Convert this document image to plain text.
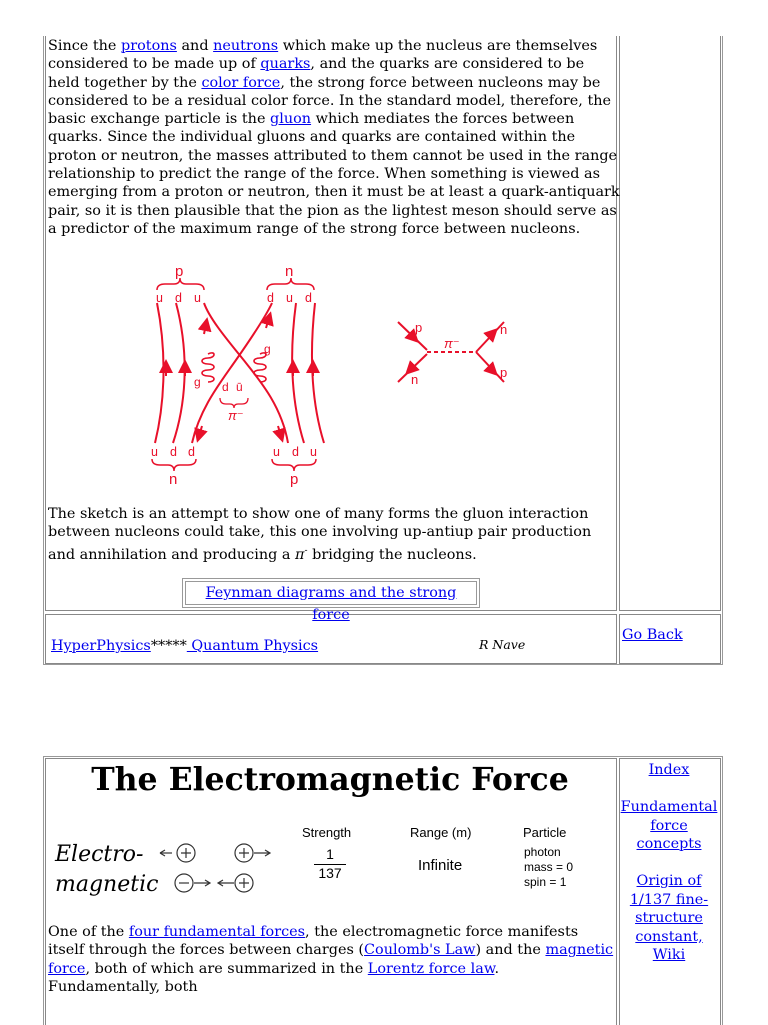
Since the protons and neutrons which make up the nucleus are themselves considered to be made up of quarks, and the quarks are considered to be held together by the color force, the strong force between nucleons may be considered to be a residual color force. In the standard model, therefore, the basic exchange particle is the gluon which mediates the forces between quarks. Since the individual gluons and quarks are contained within the proton or neutron, the masses attributed to them cannot be used in the range relationship to predict the range of the force. When something is viewed as emerging from a proton or neutron, then it must be at least a quark-antiquark pair, so it is then plausible that the pion as the lightest meson should serve as a predictor of the maximum range of the strong force between nucleons.
p
u d u
n
d u d
u d d
n
u d u
p
g
g
d ū
π⁻
p
n
π⁻
n
p
The sketch is an attempt to show one of many forms the gluon interaction between nucleons could take, this one involving up-antiup pair production and annihilation and producing a π- bridging the nucleons.
Feynman diagrams and the strong force
HyperPhysics***** Quantum Physics	R Nave
Go Back
The Electromagnetic Force
Electro-
magnetic
Strength	Range (m)	Particle
1
137	Infinite
photon
mass = 0
spin = 1
One of the four fundamental forces, the electromagnetic force manifests itself through the forces between charges (Coulomb's Law) and the magnetic force, both of which are summarized in the Lorentz force law. Fundamentally, both

Index

Fundamental force concepts

Origin of 1/137 fine-structure constant, Wiki
